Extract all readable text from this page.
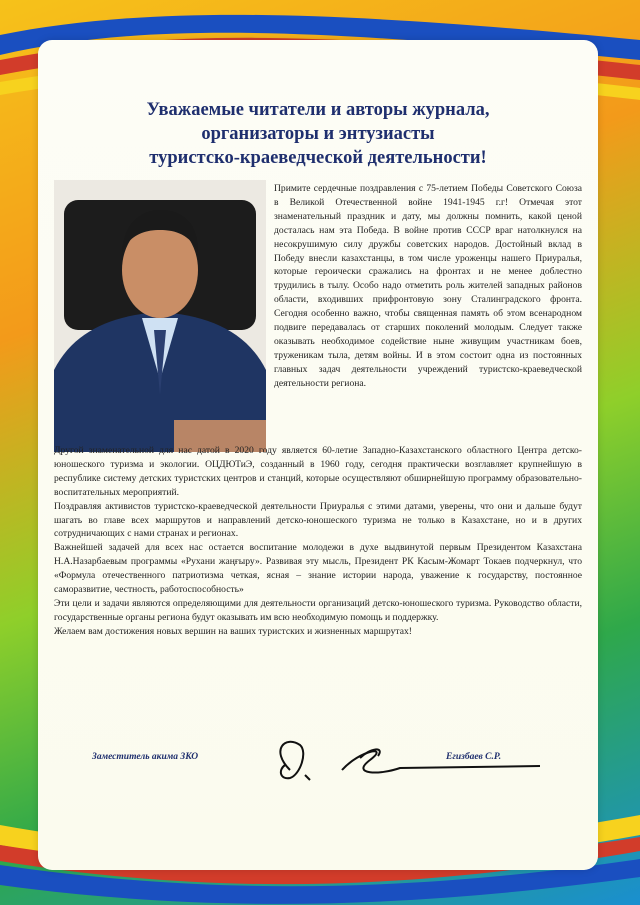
Уважаемые читатели и авторы журнала,
организаторы и энтузиасты
туристско-краеведческой деятельности!
Примите сердечные поздравления с 75-летием Победы Советского Союза в Великой Отечественной войне 1941-1945 г.г! Отмечая этот знаменательный праздник и дату, мы должны помнить, какой ценой досталась нам эта Победа. В войне против СССР враг натолкнулся на несокрушимую силу дружбы советских народов. Достойный вклад в Победу внесли казахстанцы, в том числе уроженцы нашего Приуралья, которые героически сражались на фронтах и не менее доблестно трудились в тылу. Особо надо отметить роль жителей западных районов области, входивших прифронтовую зону Сталинградского фронта. Сегодня особенно важно, чтобы священная память об этом всенародном подвиге передавалась от старших поколений молодым. Следует также оказывать необходимое содействие ныне живущим участникам боев, труженикам тыла, детям войны. И в этом состоит одна из постоянных главных задач деятельности учреждений туристско-краеведческой деятельности региона.

Другой знаменательной для нас датой в 2020 году является 60-летие Западно-Казахстанского областного Центра детско-юношеского туризма и экологии. ОЦДЮТиЭ, созданный в 1960 году, сегодня практически возглавляет крупнейшую в республике систему детских туристских центров и станций, которые осуществляют обширнейшую программу образовательно-воспитательных мероприятий.

Поздравляя активистов туристско-краеведческой деятельности Приуралья с этими датами, уверены, что они и дальше будут шагать во главе всех маршрутов и направлений детско-юношеского туризма не только в Казахстане, но и в других сотрудничающих с нами странах и регионах.

Важнейшей задачей для всех нас остается воспитание молодежи в духе выдвинутой первым Президентом Казахстана Н.А.Назарбаевым программы «Рухани жаңғыру». Развивая эту мысль, Президент РК Касым-Жомарт Токаев подчеркнул, что «Формула отечественного патриотизма четкая, ясная – знание истории народа, уважение к государству, постоянное саморазвитие, честность, работоспособность»

Эти цели и задачи являются определяющими для деятельности организаций детско-юношеского туризма. Руководство области, государственные органы региона будут оказывать им всю необходимую помощь и поддержку.

Желаем вам достижения новых вершин на ваших туристских и жизненных маршрутах!

Заместитель акима ЗКО	Егизбаев С.Р.
